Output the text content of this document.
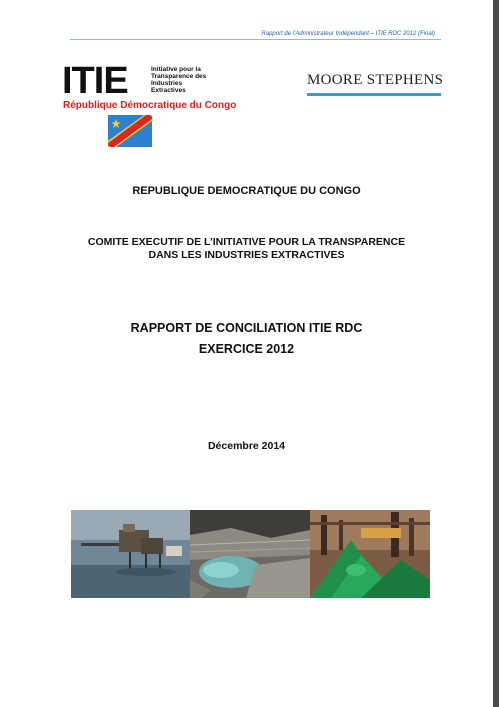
Rapport de l'Administrateur Indépendant – ITIE RDC 2012 (Final)
ITIE	Initiative pour la
Transparence des
Industries
Extractives
République Démocratique du Congo
MOORE STEPHENS
REPUBLIQUE DEMOCRATIQUE DU CONGO
COMITE EXECUTIF DE L’INITIATIVE POUR LA TRANSPARENCE
DANS LES INDUSTRIES EXTRACTIVES
RAPPORT DE CONCILIATION ITIE RDC
EXERCICE 2012
Décembre 2014
